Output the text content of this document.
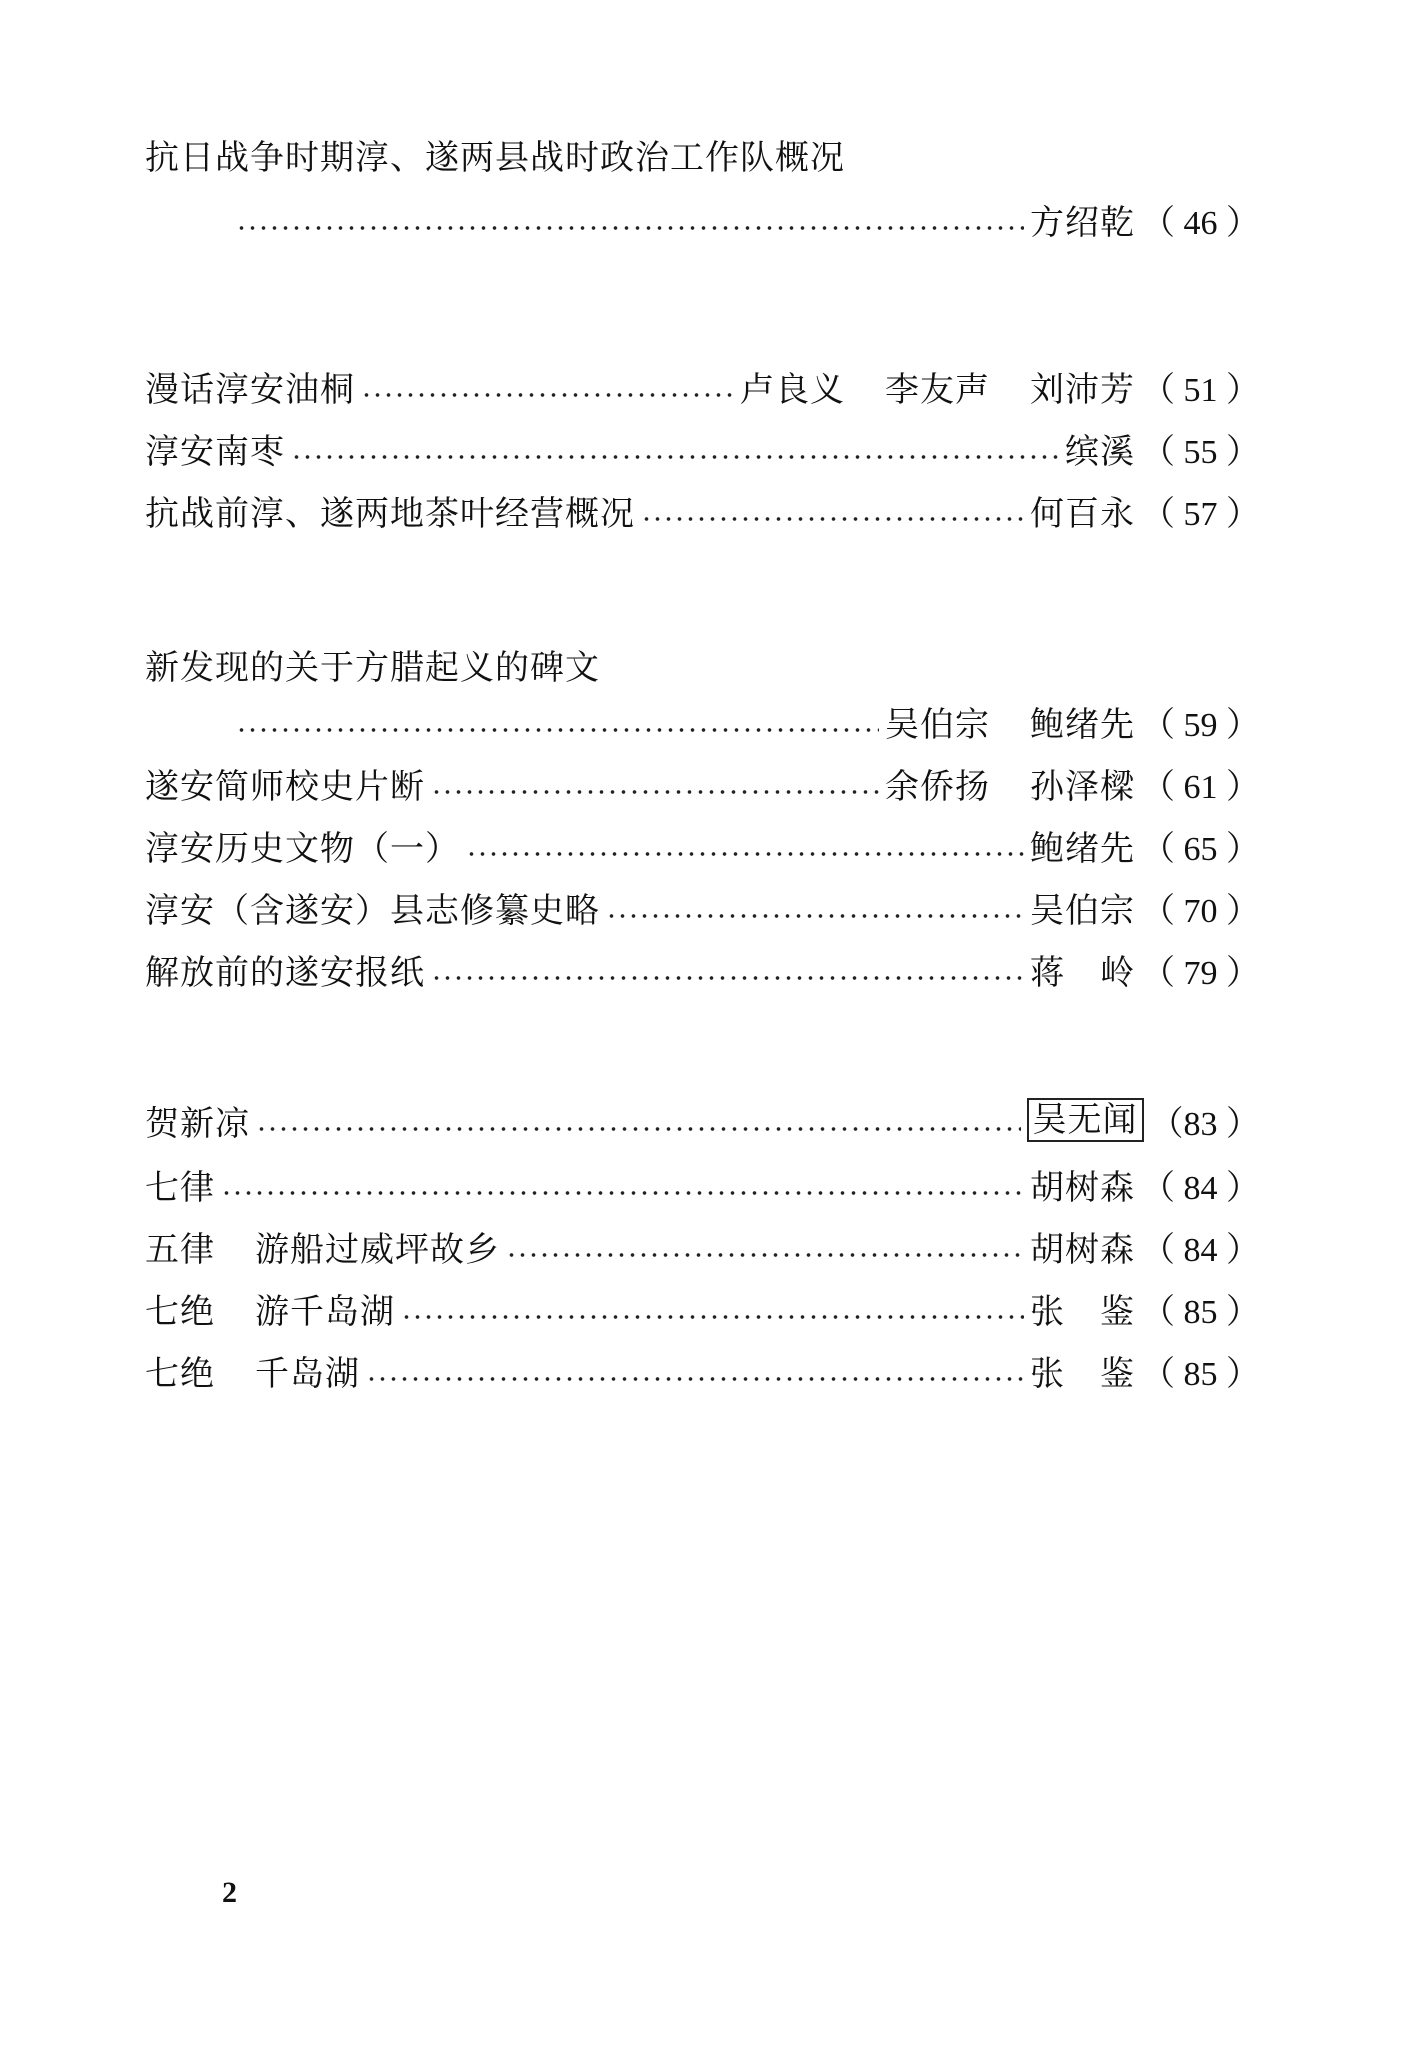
抗日战争时期淳、遂两县战时政治工作队概况
方绍乾 （ 46 ）
漫话淳安油桐	卢良义 李友声 刘沛芳 （ 51 ）
淳安南枣	缤溪 （ 55 ）
抗战前淳、遂两地茶叶经营概况	何百永 （ 57 ）
新发现的关于方腊起义的碑文
吴伯宗 鲍绪先 （ 59 ）
遂安简师校史片断	余侨扬 孙泽樑 （ 61 ）
淳安历史文物（一）	鲍绪先 （ 65 ）
淳安（含遂安）县志修纂史略	吴伯宗 （ 70 ）
解放前的遂安报纸	蒋　岭 （ 79 ）
贺新凉	吴无闻 （83 ）
七律	胡树森 （ 84 ）
五律 游船过威坪故乡	胡树森 （ 84 ）
七绝 游千岛湖	张　鉴 （ 85 ）
七绝 千岛湖	张　鉴 （ 85 ）
2
